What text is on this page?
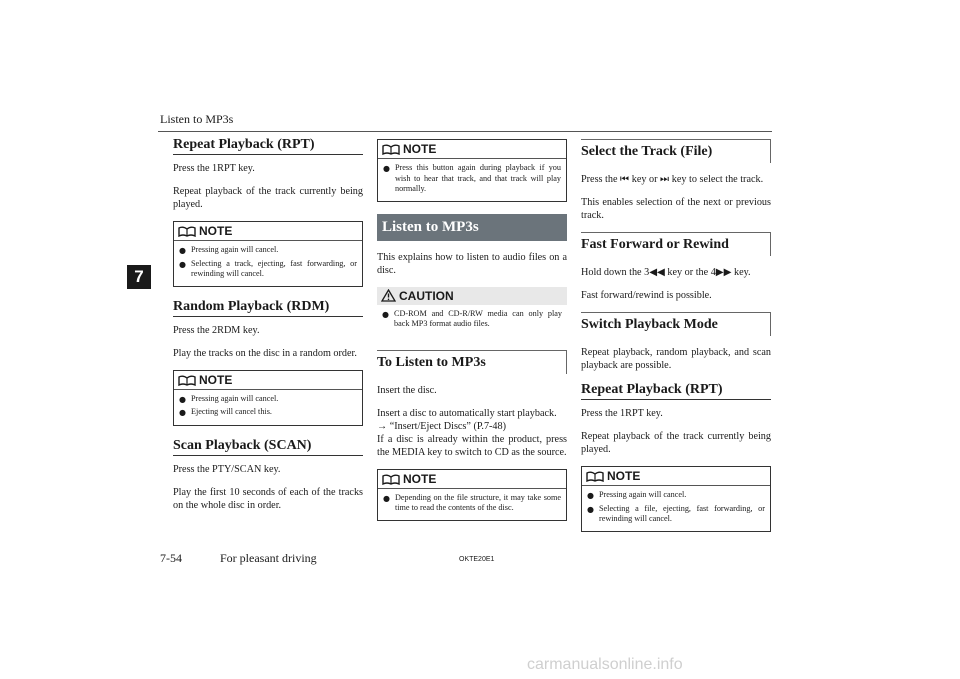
Listen to MP3s
7
Repeat Playback (RPT)

Press the 1RPT key.

Repeat playback of the track currently being played.

NOTE
● Pressing again will cancel.
● Selecting a track, ejecting, fast forwarding, or rewinding will cancel.
Random Playback (RDM)

Press the 2RDM key.

Play the tracks on the disc in a random order.

NOTE
● Pressing again will cancel.
● Ejecting will cancel this.
Scan Playback (SCAN)

Press the PTY/SCAN key.

Play the first 10 seconds of each of the tracks on the whole disc in order.

NOTE
● Press this button again during playback if you wish to hear that track, and that track will play normally.
Listen to MP3s

This explains how to listen to audio files on a disc.

CAUTION
● CD-ROM and CD-R/RW media can only play back MP3 format audio files.
To Listen to MP3s

Insert the disc.

Insert a disc to automatically start playback.

→ “Insert/Eject Discs” (P.7-48)

If a disc is already within the product, press the MEDIA key to switch to CD as the source.

NOTE
● Depending on the file structure, it may take some time to read the contents of the disc.
Select the Track (File)

Press the ⏮ key or ⏭ key to select the track.

This enables selection of the next or previous track.

Fast Forward or Rewind

Hold down the 3◀◀ key or the 4▶▶ key.

Fast forward/rewind is possible.

Switch Playback Mode

Repeat playback, random playback, and scan playback are possible.

Repeat Playback (RPT)

Press the 1RPT key.

Repeat playback of the track currently being played.

NOTE
● Pressing again will cancel.
● Selecting a file, ejecting, fast forwarding, or rewinding will cancel.
7-54	For pleasant driving	OKTE20E1
carmanualsonline.info
